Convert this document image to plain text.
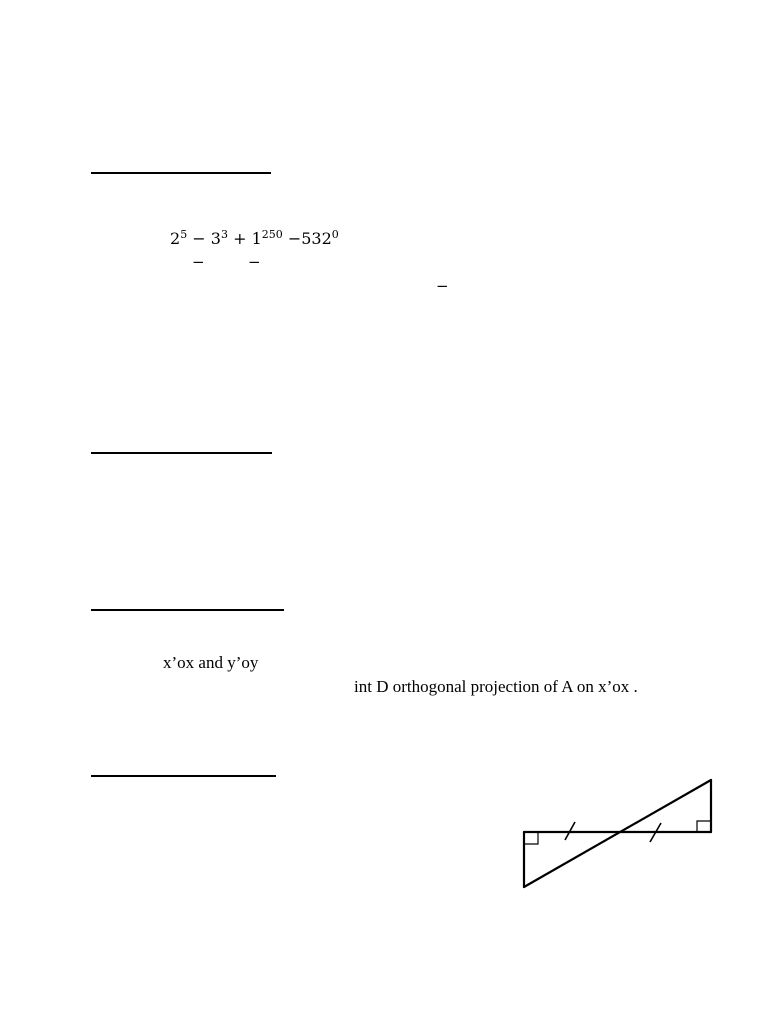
$2^5 - 3^3 + 1^{250} -532^0$
−	−
−
x’ox and y’oy
int D orthogonal projection of A on x’ox .
